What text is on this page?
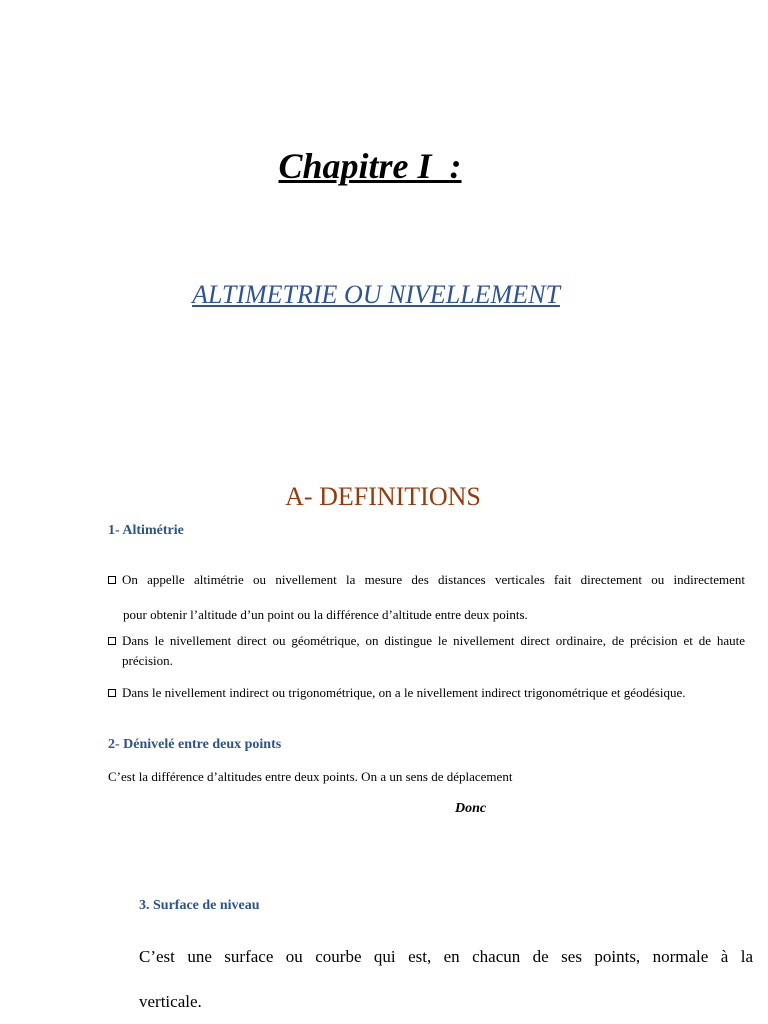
Chapitre I  :
ALTIMETRIE OU NIVELLEMENT
A- DEFINITIONS
1- Altimétrie
On appelle altimétrie ou nivellement la mesure des distances verticales fait directement ou indirectement
pour obtenir l’altitude d’un point ou la différence d’altitude entre deux points.
Dans le nivellement direct ou géométrique, on distingue le nivellement direct ordinaire, de précision et de haute précision.
Dans le nivellement indirect ou trigonométrique, on a le nivellement indirect trigonométrique et géodésique.
2- Dénivelé entre deux points
C’est la différence d’altitudes entre deux points. On a un sens de déplacement
Donc
3. Surface de niveau
C’est une surface ou courbe qui est, en chacun de ses points, normale à la
verticale.
